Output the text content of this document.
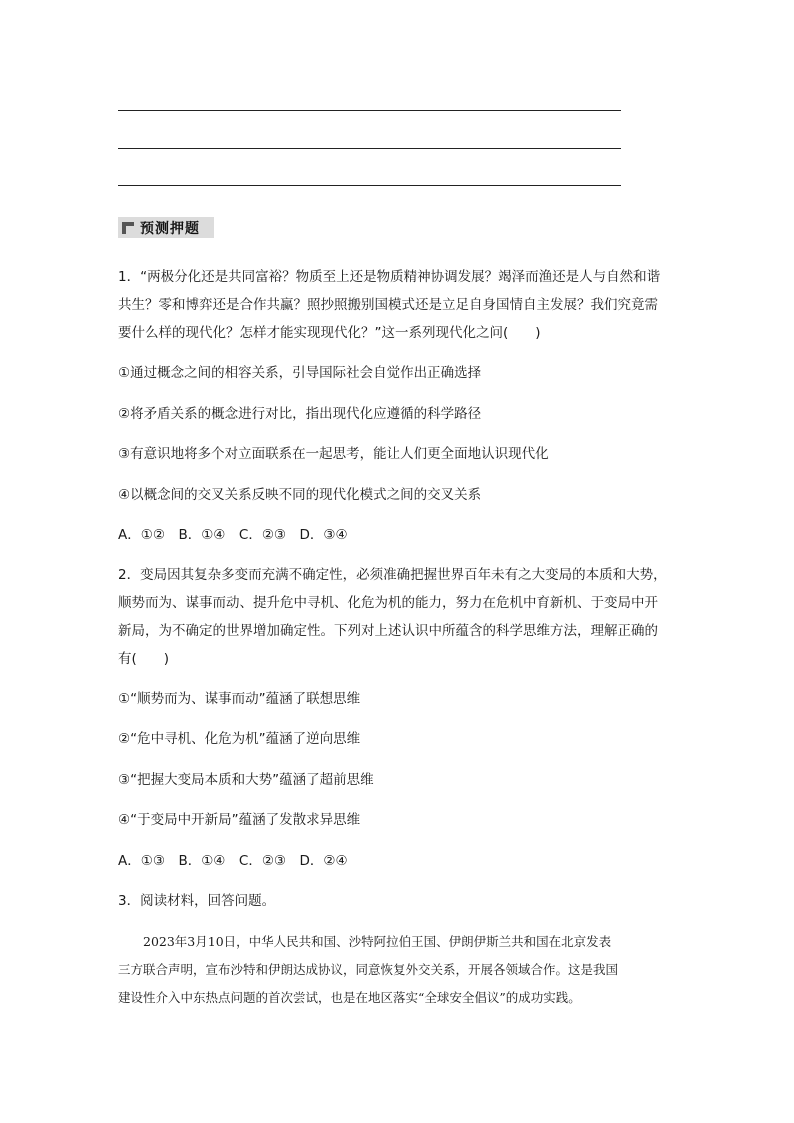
预测押题
1．“两极分化还是共同富裕？物质至上还是物质精神协调发展？竭泽而渔还是人与自然和谐
共生？零和博弈还是合作共赢？照抄照搬别国模式还是立足自身国情自主发展？我们究竟需
要什么样的现代化？怎样才能实现现代化？”这一系列现代化之问(　　)
①通过概念之间的相容关系，引导国际社会自觉作出正确选择
②将矛盾关系的概念进行对比，指出现代化应遵循的科学路径
③有意识地将多个对立面联系在一起思考，能让人们更全面地认识现代化
④以概念间的交叉关系反映不同的现代化模式之间的交叉关系
A．①②　B．①④　C．②③　D．③④
2．变局因其复杂多变而充满不确定性，必须准确把握世界百年未有之大变局的本质和大势，
顺势而为、谋事而动、提升危中寻机、化危为机的能力，努力在危机中育新机、于变局中开
新局，为不确定的世界增加确定性。下列对上述认识中所蕴含的科学思维方法，理解正确的
有(　　)
①“顺势而为、谋事而动”蕴涵了联想思维
②“危中寻机、化危为机”蕴涵了逆向思维
③“把握大变局本质和大势”蕴涵了超前思维
④“于变局中开新局”蕴涵了发散求异思维
A．①③　B．①④　C．②③　D．②④
3．阅读材料，回答问题。

2023年3月10日，中华人民共和国、沙特阿拉伯王国、伊朗伊斯兰共和国在北京发表三方联合声明，宣布沙特和伊朗达成协议，同意恢复外交关系，开展各领域合作。这是我国建设性介入中东热点问题的首次尝试，也是在地区落实“全球安全倡议”的成功实践。
